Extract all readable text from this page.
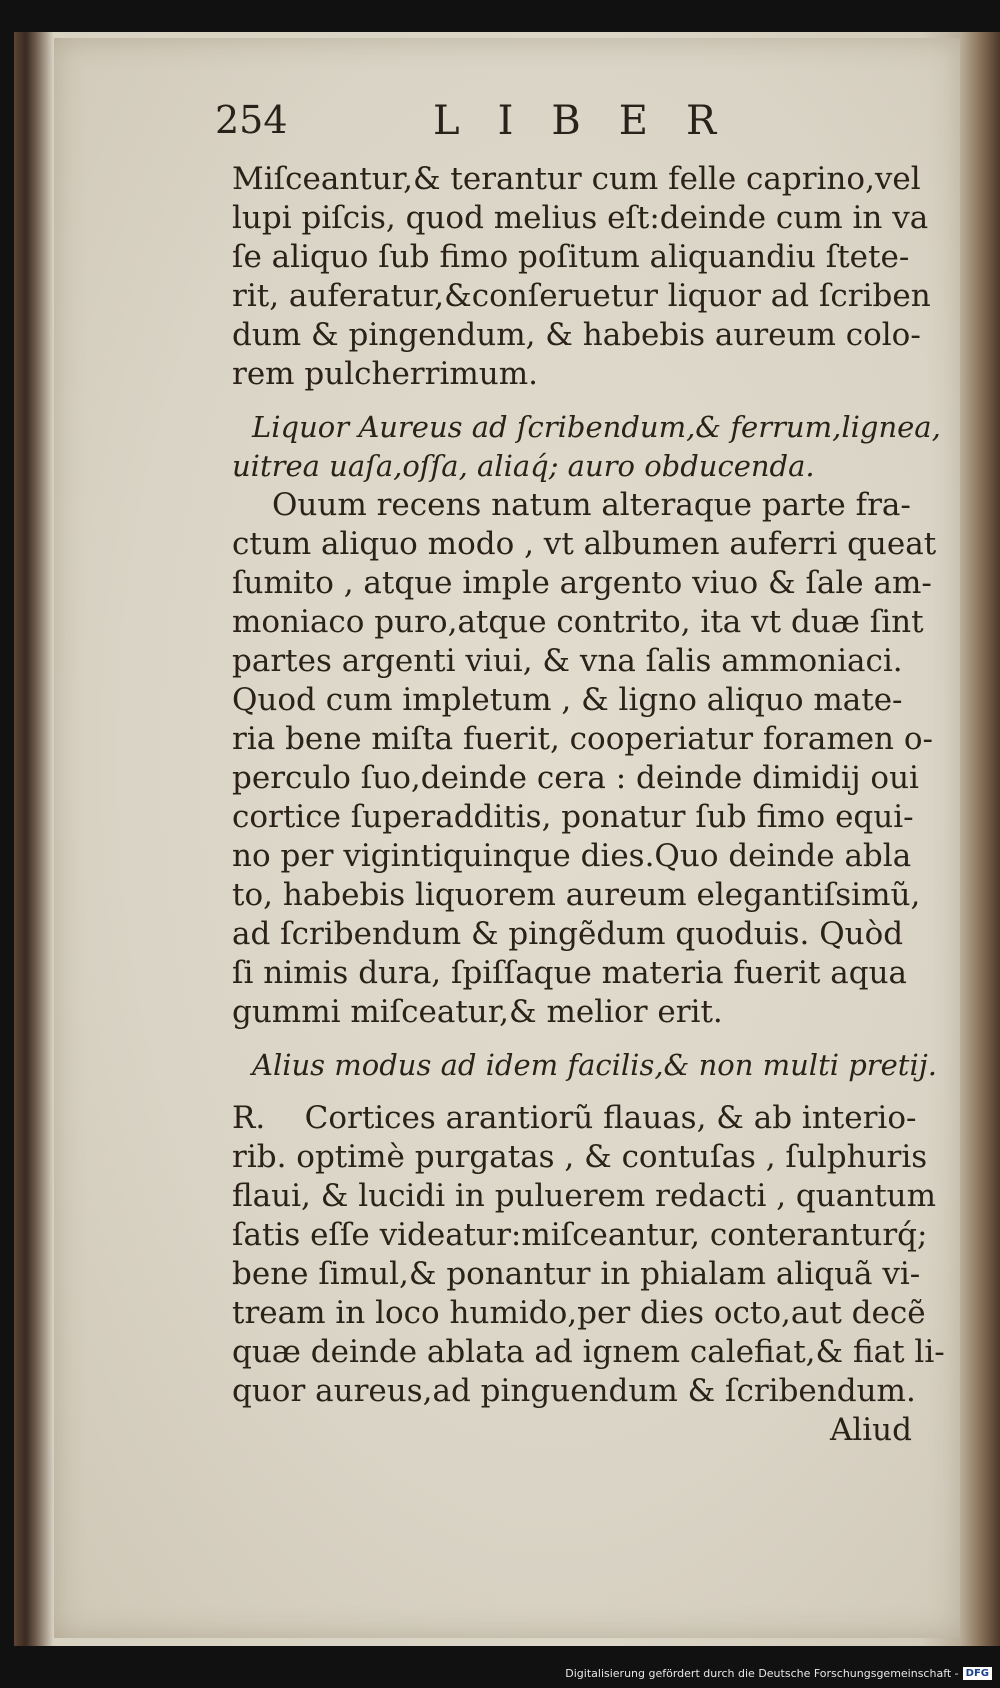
254	LIBER
Miſceantur,& terantur cum felle caprino,vel
lupi piſcis, quod melius eſt:deinde cum in va
ſe aliquo ſub fimo poſitum aliquandiu ſtete-
rit, auferatur,&conſeruetur liquor ad ſcriben
dum & pingendum, & habebis aureum colo-
rem pulcherrimum.
Liquor Aureus ad ſcribendum,& ferrum,lignea,
uitrea uaſa,oſſa, aliaq́; auro obducenda.
Ouum recens natum alteraque parte fra-
ctum aliquo modo , vt albumen auferri queat
ſumito , atque imple argento viuo & ſale am-
moniaco puro,atque contrito, ita vt duæ ſint
partes argenti viui, & vna ſalis ammoniaci.
Quod cum impletum , & ligno aliquo mate-
ria bene miſta fuerit, cooperiatur foramen o-
perculo ſuo,deinde cera : deinde dimidij oui
cortice ſuperadditis, ponatur ſub fimo equi-
no per vigintiquinque dies.Quo deinde abla
to, habebis liquorem aureum elegantiſsimũ,
ad ſcribendum & pingẽdum quoduis. Quòd
ſi nimis dura, ſpiſſaque materia fuerit aqua
gummi miſceatur,& melior erit.
Alius modus ad idem facilis,& non multi pretij.
R.    Cortices arantiorũ flauas, & ab interio-
rib. optimè purgatas , & contuſas , ſulphuris
flaui, & lucidi in puluerem redacti , quantum
ſatis eſſe videatur:miſceantur, conteranturq́;
bene ſimul,& ponantur in phialam aliquã vi-
tream in loco humido,per dies octo,aut decẽ
quæ deinde ablata ad ignem calefiat,& fiat li-
quor aureus,ad pinguendum & ſcribendum.
Aliud
Digitalisierung gefördert durch die Deutsche Forschungsgemeinschaft - DFG
